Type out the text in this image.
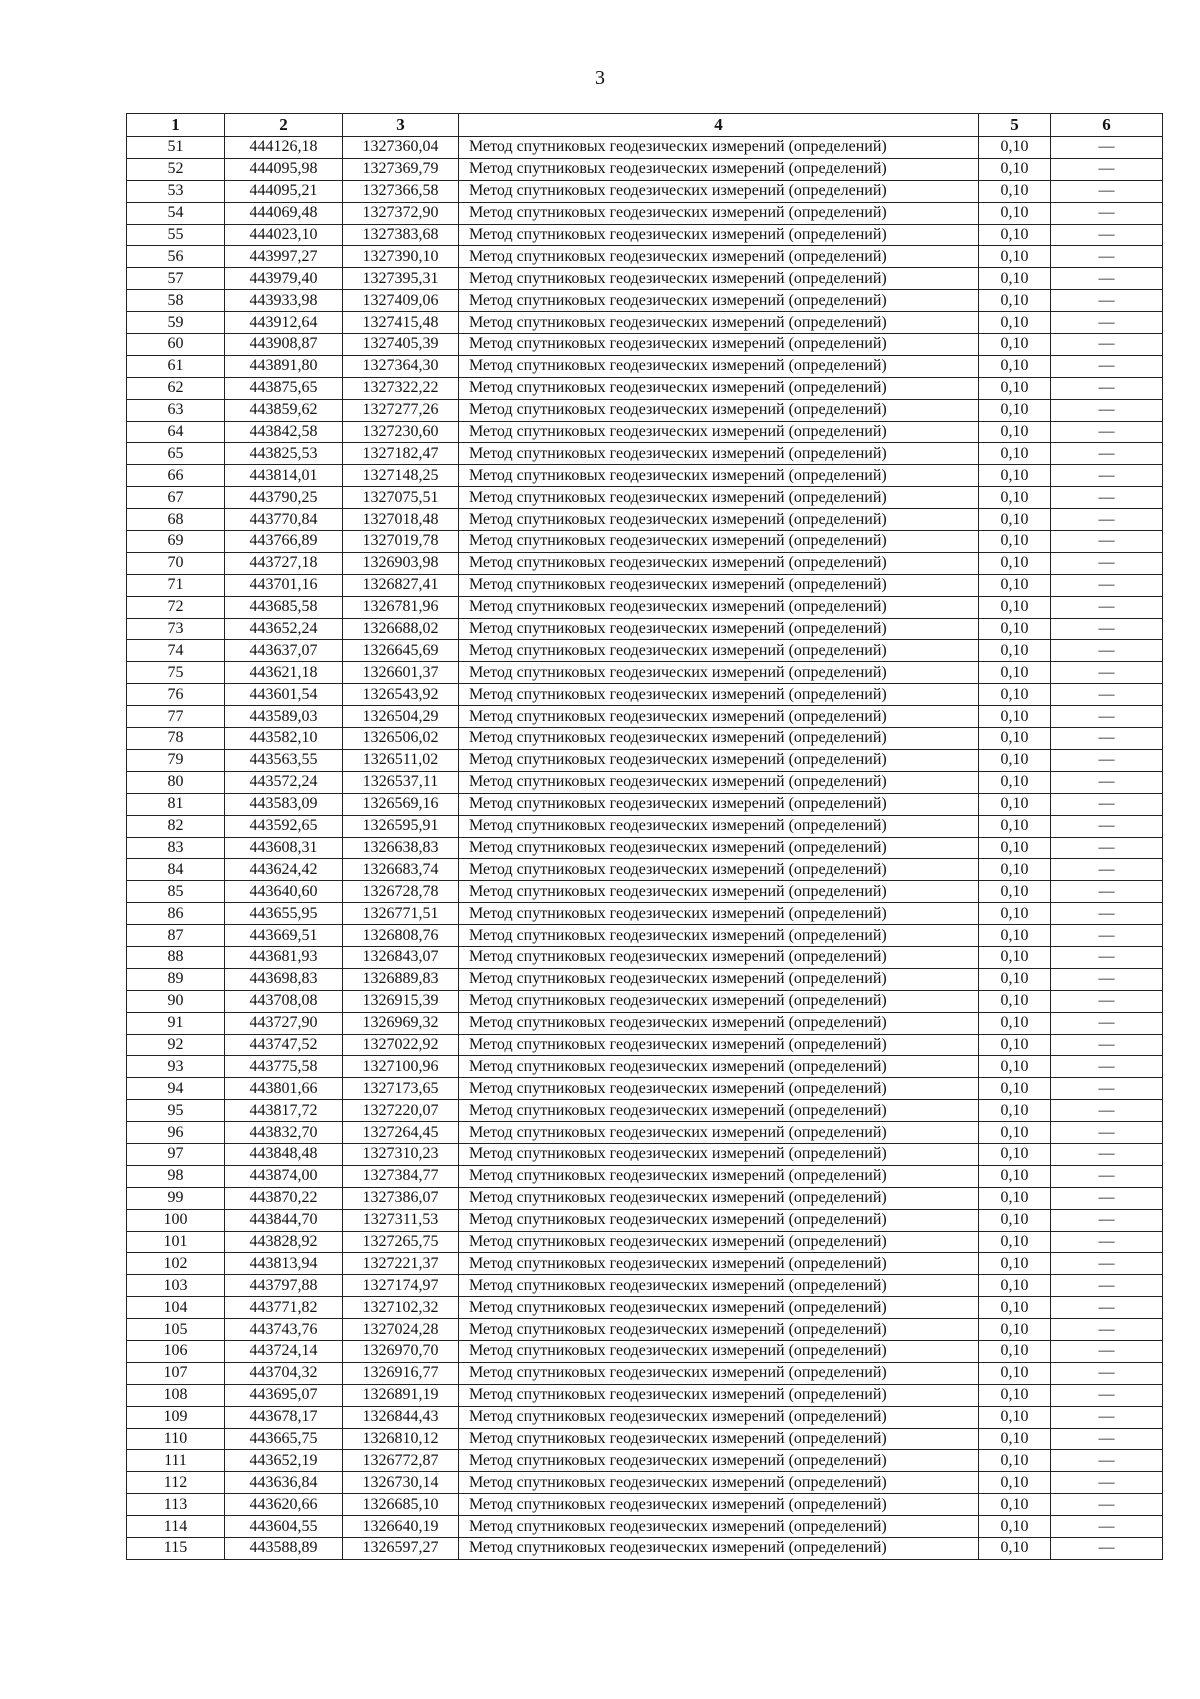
3
1	2	3	4	5	6
51	444126,18	1327360,04	Метод спутниковых геодезических измерений (определений)	0,10	—
52	444095,98	1327369,79	Метод спутниковых геодезических измерений (определений)	0,10	—
53	444095,21	1327366,58	Метод спутниковых геодезических измерений (определений)	0,10	—
54	444069,48	1327372,90	Метод спутниковых геодезических измерений (определений)	0,10	—
55	444023,10	1327383,68	Метод спутниковых геодезических измерений (определений)	0,10	—
56	443997,27	1327390,10	Метод спутниковых геодезических измерений (определений)	0,10	—
57	443979,40	1327395,31	Метод спутниковых геодезических измерений (определений)	0,10	—
58	443933,98	1327409,06	Метод спутниковых геодезических измерений (определений)	0,10	—
59	443912,64	1327415,48	Метод спутниковых геодезических измерений (определений)	0,10	—
60	443908,87	1327405,39	Метод спутниковых геодезических измерений (определений)	0,10	—
61	443891,80	1327364,30	Метод спутниковых геодезических измерений (определений)	0,10	—
62	443875,65	1327322,22	Метод спутниковых геодезических измерений (определений)	0,10	—
63	443859,62	1327277,26	Метод спутниковых геодезических измерений (определений)	0,10	—
64	443842,58	1327230,60	Метод спутниковых геодезических измерений (определений)	0,10	—
65	443825,53	1327182,47	Метод спутниковых геодезических измерений (определений)	0,10	—
66	443814,01	1327148,25	Метод спутниковых геодезических измерений (определений)	0,10	—
67	443790,25	1327075,51	Метод спутниковых геодезических измерений (определений)	0,10	—
68	443770,84	1327018,48	Метод спутниковых геодезических измерений (определений)	0,10	—
69	443766,89	1327019,78	Метод спутниковых геодезических измерений (определений)	0,10	—
70	443727,18	1326903,98	Метод спутниковых геодезических измерений (определений)	0,10	—
71	443701,16	1326827,41	Метод спутниковых геодезических измерений (определений)	0,10	—
72	443685,58	1326781,96	Метод спутниковых геодезических измерений (определений)	0,10	—
73	443652,24	1326688,02	Метод спутниковых геодезических измерений (определений)	0,10	—
74	443637,07	1326645,69	Метод спутниковых геодезических измерений (определений)	0,10	—
75	443621,18	1326601,37	Метод спутниковых геодезических измерений (определений)	0,10	—
76	443601,54	1326543,92	Метод спутниковых геодезических измерений (определений)	0,10	—
77	443589,03	1326504,29	Метод спутниковых геодезических измерений (определений)	0,10	—
78	443582,10	1326506,02	Метод спутниковых геодезических измерений (определений)	0,10	—
79	443563,55	1326511,02	Метод спутниковых геодезических измерений (определений)	0,10	—
80	443572,24	1326537,11	Метод спутниковых геодезических измерений (определений)	0,10	—
81	443583,09	1326569,16	Метод спутниковых геодезических измерений (определений)	0,10	—
82	443592,65	1326595,91	Метод спутниковых геодезических измерений (определений)	0,10	—
83	443608,31	1326638,83	Метод спутниковых геодезических измерений (определений)	0,10	—
84	443624,42	1326683,74	Метод спутниковых геодезических измерений (определений)	0,10	—
85	443640,60	1326728,78	Метод спутниковых геодезических измерений (определений)	0,10	—
86	443655,95	1326771,51	Метод спутниковых геодезических измерений (определений)	0,10	—
87	443669,51	1326808,76	Метод спутниковых геодезических измерений (определений)	0,10	—
88	443681,93	1326843,07	Метод спутниковых геодезических измерений (определений)	0,10	—
89	443698,83	1326889,83	Метод спутниковых геодезических измерений (определений)	0,10	—
90	443708,08	1326915,39	Метод спутниковых геодезических измерений (определений)	0,10	—
91	443727,90	1326969,32	Метод спутниковых геодезических измерений (определений)	0,10	—
92	443747,52	1327022,92	Метод спутниковых геодезических измерений (определений)	0,10	—
93	443775,58	1327100,96	Метод спутниковых геодезических измерений (определений)	0,10	—
94	443801,66	1327173,65	Метод спутниковых геодезических измерений (определений)	0,10	—
95	443817,72	1327220,07	Метод спутниковых геодезических измерений (определений)	0,10	—
96	443832,70	1327264,45	Метод спутниковых геодезических измерений (определений)	0,10	—
97	443848,48	1327310,23	Метод спутниковых геодезических измерений (определений)	0,10	—
98	443874,00	1327384,77	Метод спутниковых геодезических измерений (определений)	0,10	—
99	443870,22	1327386,07	Метод спутниковых геодезических измерений (определений)	0,10	—
100	443844,70	1327311,53	Метод спутниковых геодезических измерений (определений)	0,10	—
101	443828,92	1327265,75	Метод спутниковых геодезических измерений (определений)	0,10	—
102	443813,94	1327221,37	Метод спутниковых геодезических измерений (определений)	0,10	—
103	443797,88	1327174,97	Метод спутниковых геодезических измерений (определений)	0,10	—
104	443771,82	1327102,32	Метод спутниковых геодезических измерений (определений)	0,10	—
105	443743,76	1327024,28	Метод спутниковых геодезических измерений (определений)	0,10	—
106	443724,14	1326970,70	Метод спутниковых геодезических измерений (определений)	0,10	—
107	443704,32	1326916,77	Метод спутниковых геодезических измерений (определений)	0,10	—
108	443695,07	1326891,19	Метод спутниковых геодезических измерений (определений)	0,10	—
109	443678,17	1326844,43	Метод спутниковых геодезических измерений (определений)	0,10	—
110	443665,75	1326810,12	Метод спутниковых геодезических измерений (определений)	0,10	—
111	443652,19	1326772,87	Метод спутниковых геодезических измерений (определений)	0,10	—
112	443636,84	1326730,14	Метод спутниковых геодезических измерений (определений)	0,10	—
113	443620,66	1326685,10	Метод спутниковых геодезических измерений (определений)	0,10	—
114	443604,55	1326640,19	Метод спутниковых геодезических измерений (определений)	0,10	—
115	443588,89	1326597,27	Метод спутниковых геодезических измерений (определений)	0,10	—
